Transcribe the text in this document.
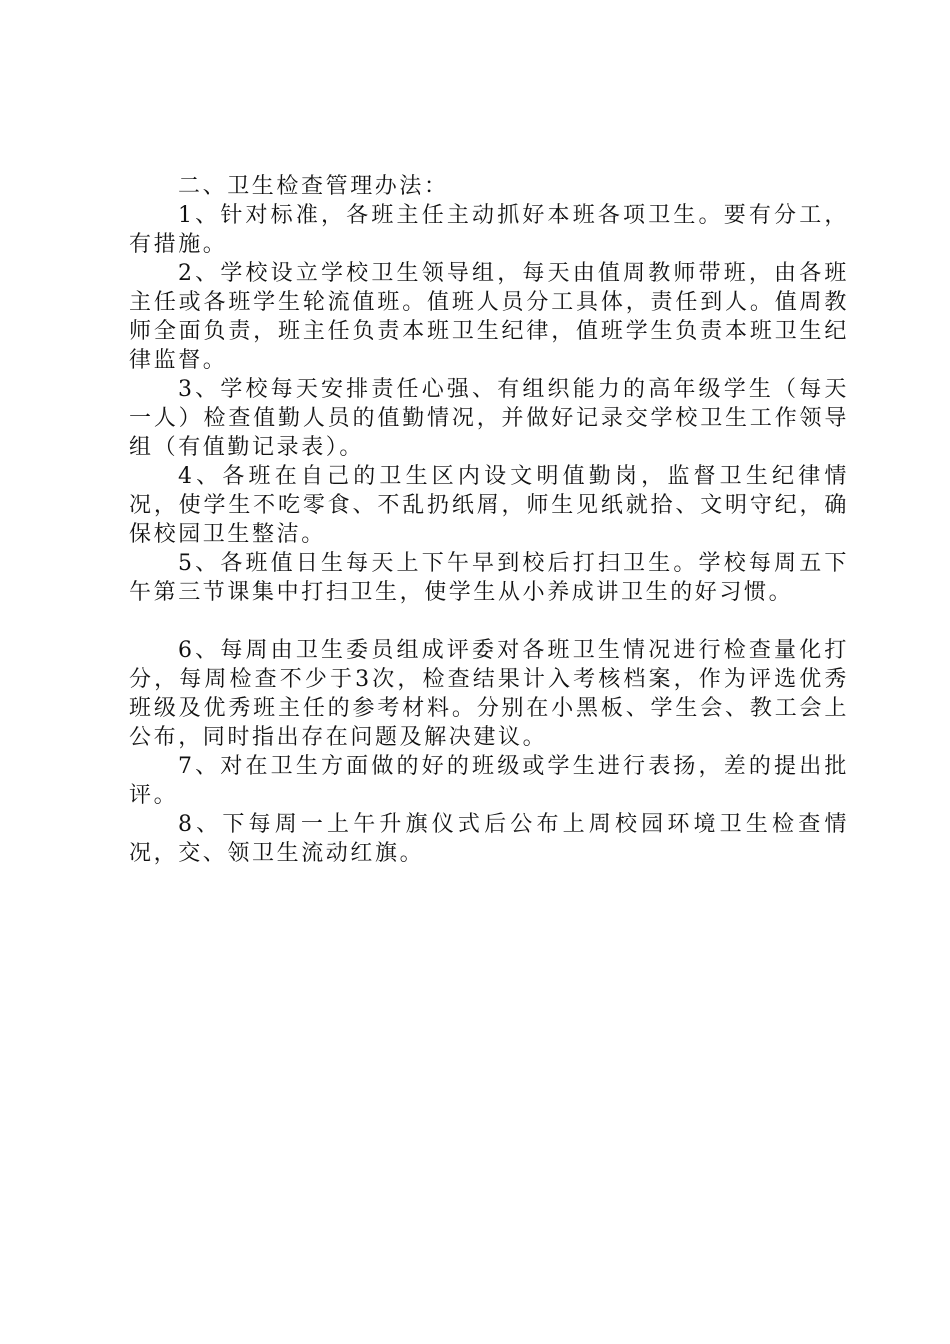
二、卫生检查管理办法：

1、针对标准，各班主任主动抓好本班各项卫生。要有分工，有措施。

2、学校设立学校卫生领导组，每天由值周教师带班，由各班主任或各班学生轮流值班。值班人员分工具体，责任到人。值周教师全面负责，班主任负责本班卫生纪律，值班学生负责本班卫生纪律监督。

3、学校每天安排责任心强、有组织能力的高年级学生（每天一人）检查值勤人员的值勤情况，并做好记录交学校卫生工作领导组（有值勤记录表）。

4、各班在自己的卫生区内设文明值勤岗，监督卫生纪律情况，使学生不吃零食、不乱扔纸屑，师生见纸就拾、文明守纪，确保校园卫生整洁。

5、各班值日生每天上下午早到校后打扫卫生。学校每周五下午第三节课集中打扫卫生，使学生从小养成讲卫生的好习惯。

6、每周由卫生委员组成评委对各班卫生情况进行检查量化打分，每周检查不少于3次，检查结果计入考核档案，作为评选优秀班级及优秀班主任的参考材料。分别在小黑板、学生会、教工会上公布，同时指出存在问题及解决建议。

7、对在卫生方面做的好的班级或学生进行表扬，差的提出批评。

8、下每周一上午升旗仪式后公布上周校园环境卫生检查情况，交、领卫生流动红旗。
